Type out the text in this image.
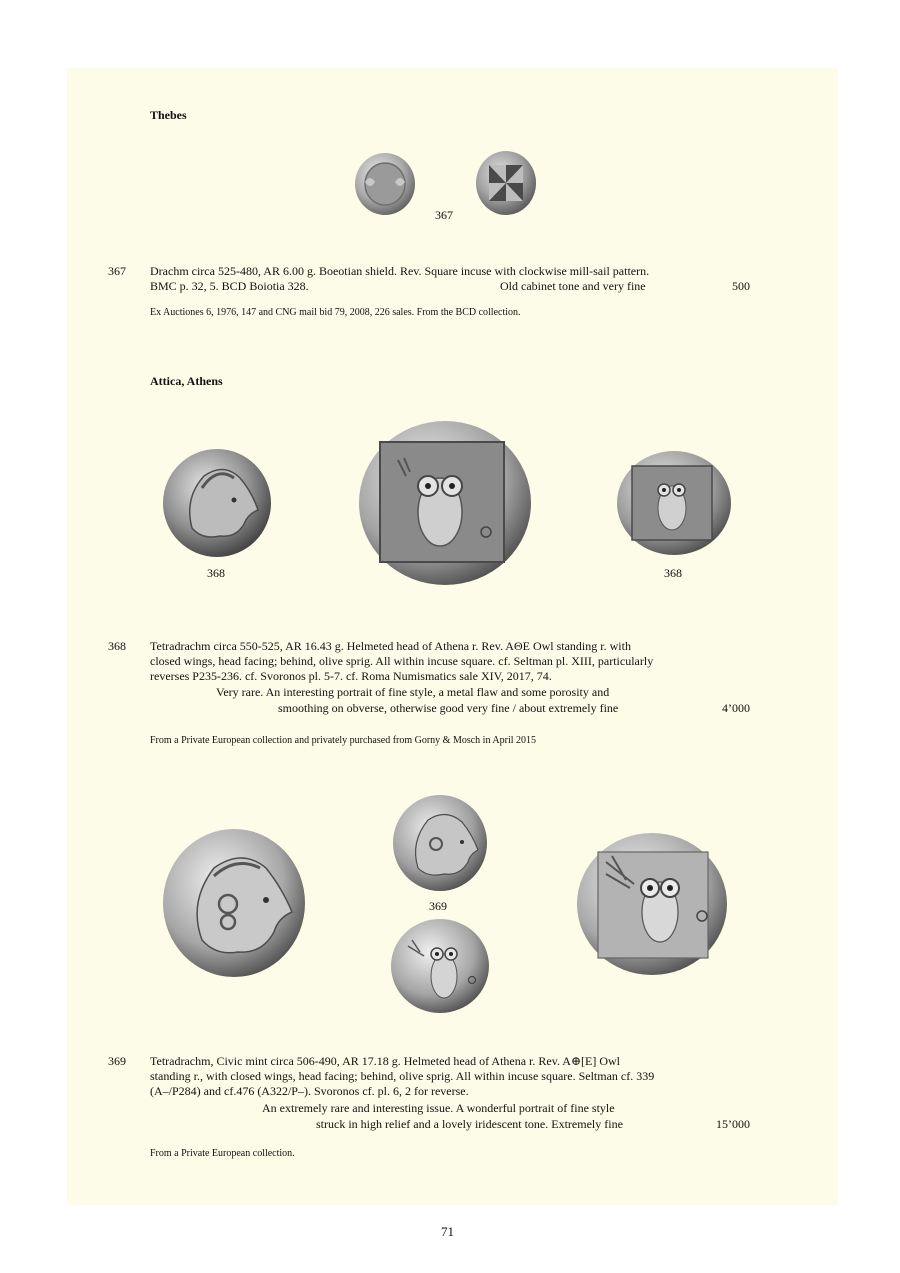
Thebes
367
367 Drachm circa 525-480, AR 6.00 g. Boeotian shield. Rev. Square incuse with clockwise mill-sail pattern.

BMC p. 32, 5. BCD Boiotia 328.	Old cabinet tone and very fine	500
Ex Auctiones 6, 1976, 147 and CNG mail bid 79, 2008, 226 sales. From the BCD collection.
Attica, Athens
368	368
368 Tetradrachm circa 550-525, AR 16.43 g. Helmeted head of Athena r. Rev. AΘE Owl standing r. with

closed wings, head facing; behind, olive sprig. All within incuse square. cf. Seltman pl. XIII, particularly

reverses P235-236. cf. Svoronos pl. 5-7. cf. Roma Numismatics sale XIV, 2017, 74.
Very rare. An interesting portrait of fine style, a metal flaw and some porosity and
smoothing on obverse, otherwise good very fine / about extremely fine	4’000
From a Private European collection and privately purchased from Gorny & Mosch in April 2015
369
369 Tetradrachm, Civic mint circa 506-490, AR 17.18 g. Helmeted head of Athena r. Rev. A⊕[E] Owl

standing r., with closed wings, head facing; behind, olive sprig. All within incuse square. Seltman cf. 339

(A–/P284) and cf.476 (A322/P–). Svoronos cf. pl. 6, 2 for reverse.
An extremely rare and interesting issue. A wonderful portrait of fine style
struck in high relief and a lovely iridescent tone. Extremely fine	15’000
From a Private European collection.
71
